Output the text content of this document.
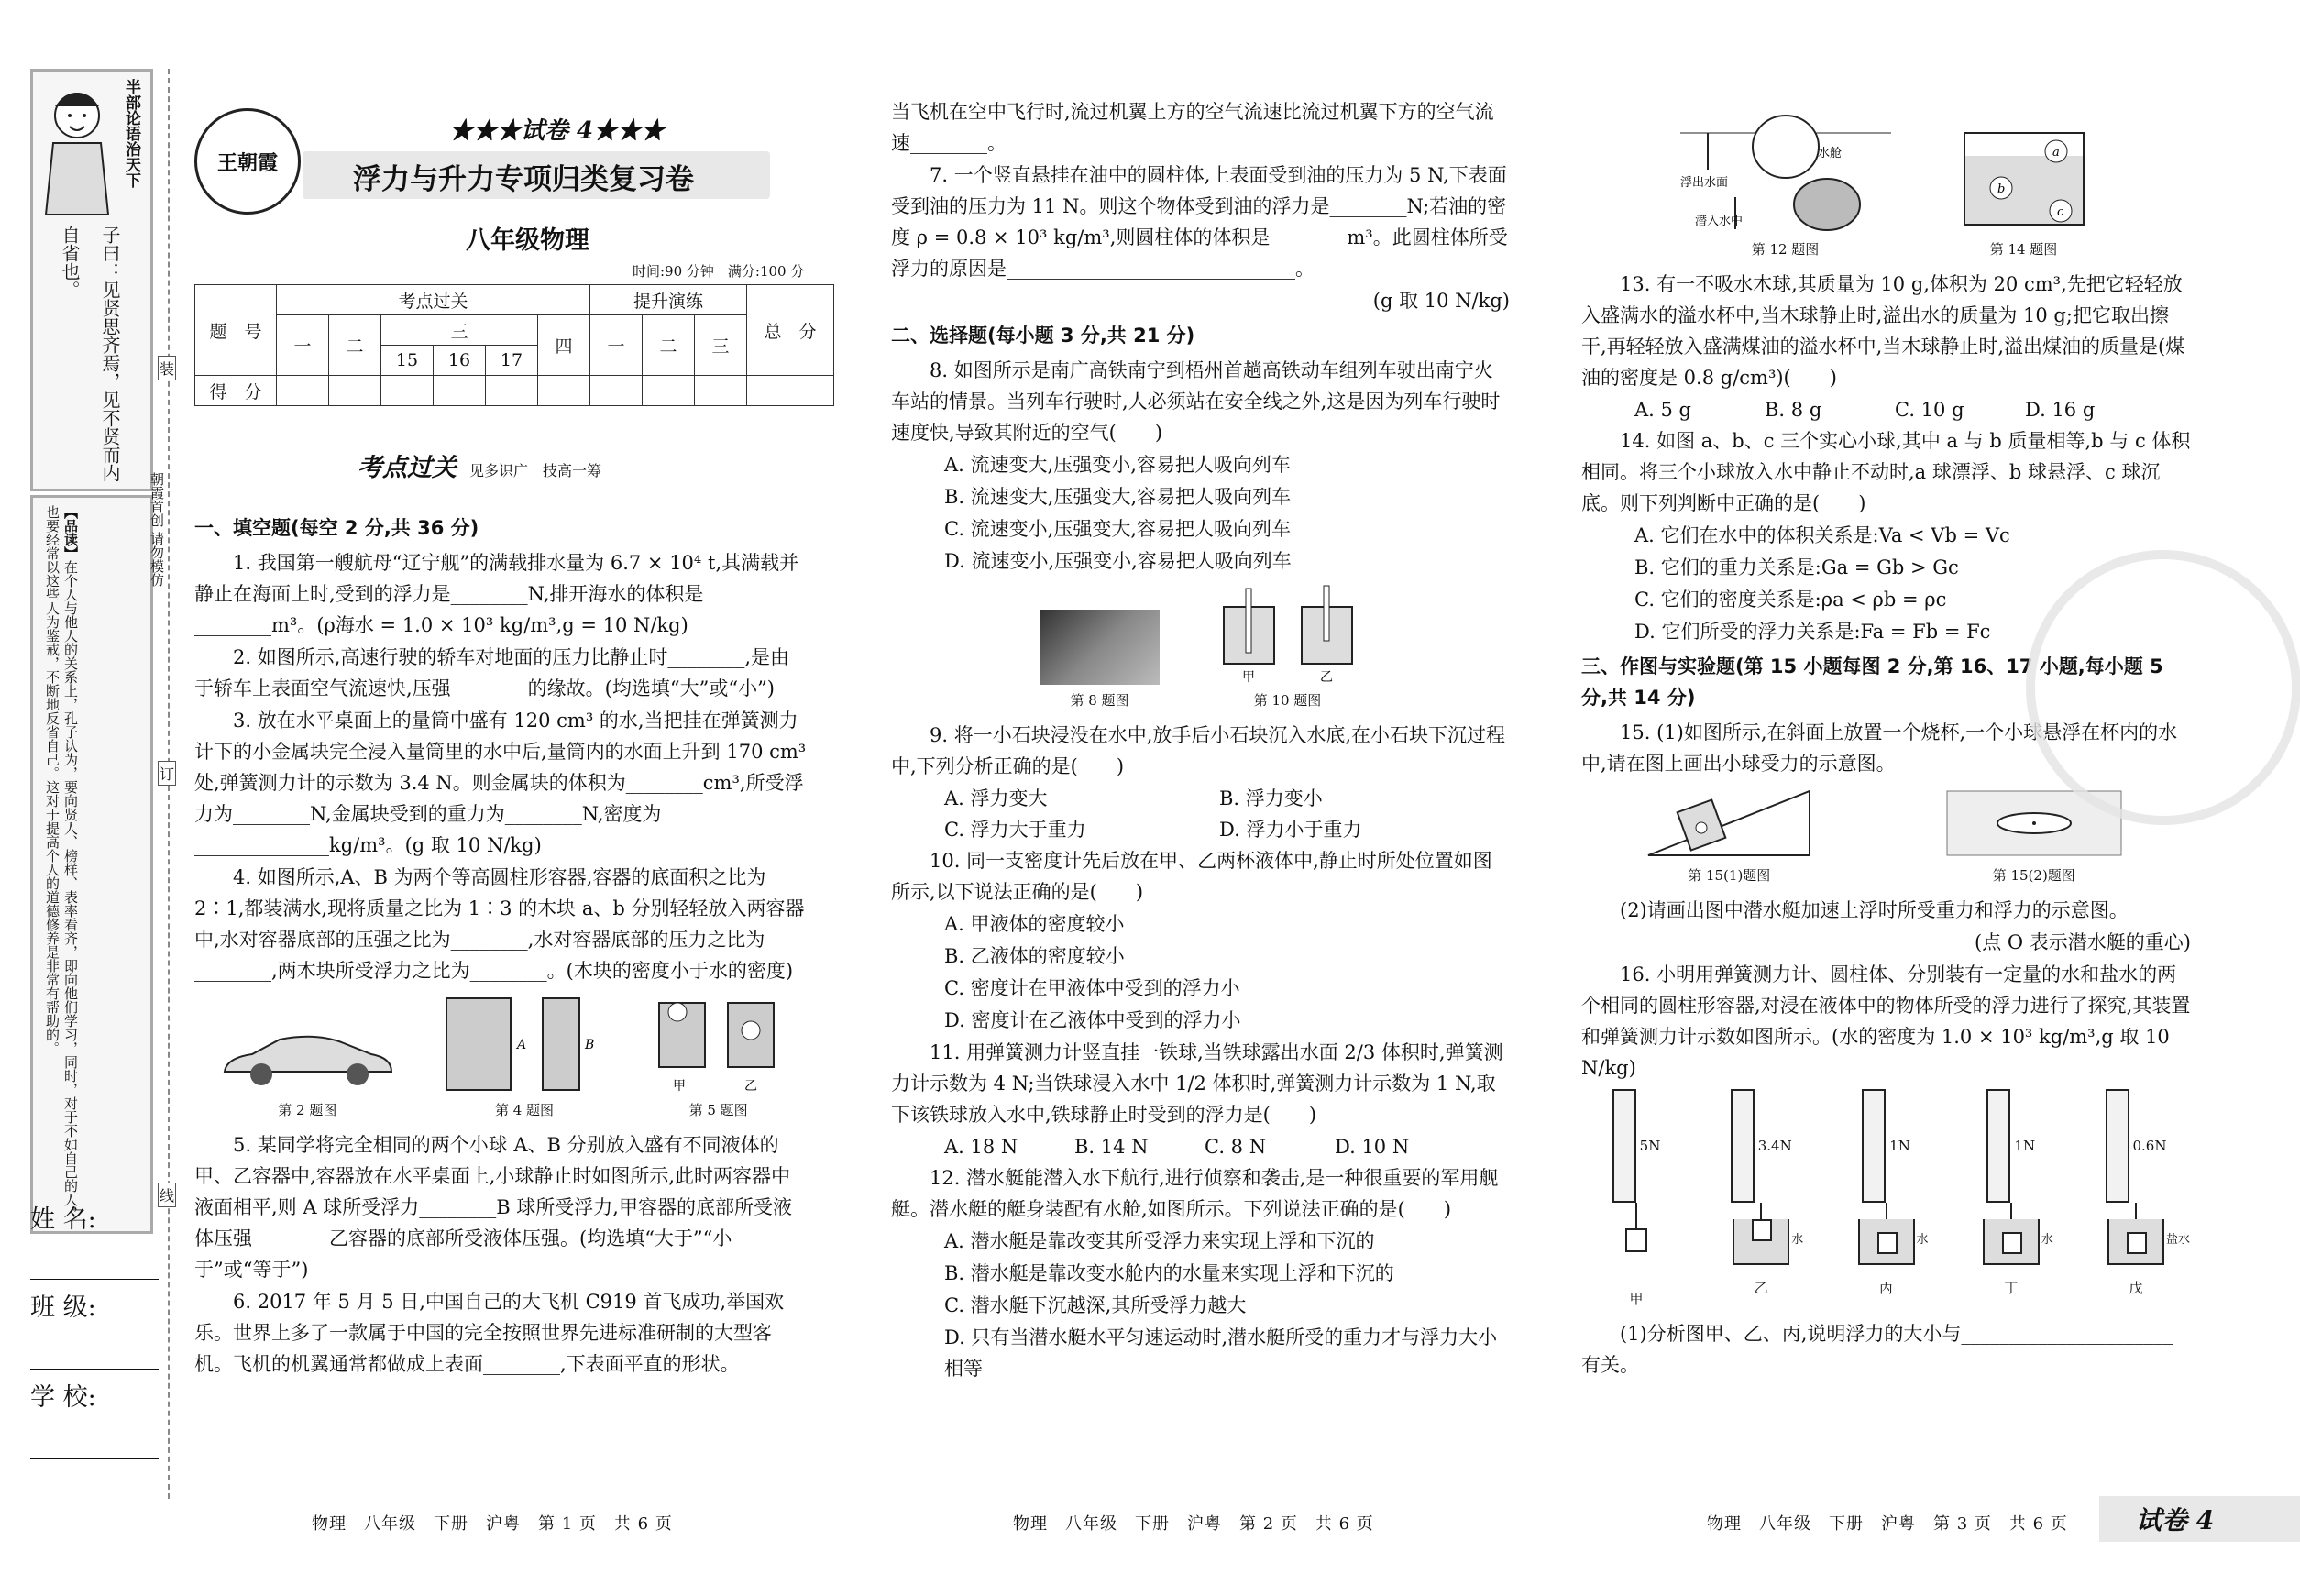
半部论语治天下
子曰：见贤思齐焉，见不贤而内自省也。
【品读】在个人与他人的关系上，孔子认为，要向贤人、榜样、表率看齐，即向他们学习，同时，对于不如自己的人，也要经常以这些人为鉴戒，不断地反省自己。这对于提高个人的道德修养是非常有帮助的。
装
订
线
朝霞首创 请勿模仿
姓 名:
班 级:
学 校:
王朝霞
★★★试卷 4★★★
浮力与升力专项归类复习卷
八年级物理
时间:90 分钟　满分:100 分
题　号	考点过关						提升演练			总　分
	一	二	三			四	一	二	三	
			15	16	17					
得　分										
考点过关 见多识广　技高一筹

一、填空题(每空 2 分,共 36 分)

1. 我国第一艘航母“辽宁舰”的满载排水量为 6.7 × 10⁴ t,其满载并静止在海面上时,受到的浮力是________N,排开海水的体积是________m³。(ρ海水 = 1.0 × 10³ kg/m³,g = 10 N/kg)

2. 如图所示,高速行驶的轿车对地面的压力比静止时________,是由于轿车上表面空气流速快,压强________的缘故。(均选填“大”或“小”)

3. 放在水平桌面上的量筒中盛有 120 cm³ 的水,当把挂在弹簧测力计下的小金属块完全浸入量筒里的水中后,量筒内的水面上升到 170 cm³ 处,弹簧测力计的示数为 3.4 N。则金属块的体积为________cm³,所受浮力为________N,金属块受到的重力为________N,密度为______________kg/m³。(g 取 10 N/kg)

4. 如图所示,A、B 为两个等高圆柱形容器,容器的底面积之比为 2∶1,都装满水,现将质量之比为 1∶3 的木块 a、b 分别轻轻放入两容器中,水对容器底部的压强之比为________,水对容器底部的压力之比为________,两木块所受浮力之比为________。(木块的密度小于水的密度)

第 2 题图
A	B
第 4 题图
甲	乙
第 5 题图

5. 某同学将完全相同的两个小球 A、B 分别放入盛有不同液体的甲、乙容器中,容器放在水平桌面上,小球静止时如图所示,此时两容器中液面相平,则 A 球所受浮力________B 球所受浮力,甲容器的底部所受液体压强________乙容器的底部所受液体压强。(均选填“大于”“小于”或“等于”)

6. 2017 年 5 月 5 日,中国自己的大飞机 C919 首飞成功,举国欢乐。世界上多了一款属于中国的完全按照世界先进标准研制的大型客机。飞机的机翼通常都做成上表面________,下表面平直的形状。

物理　八年级　下册　沪粤　第 1 页　共 6 页

当飞机在空中飞行时,流过机翼上方的空气流速比流过机翼下方的空气流速________。

7. 一个竖直悬挂在油中的圆柱体,上表面受到油的压力为 5 N,下表面受到油的压力为 11 N。则这个物体受到油的浮力是________N;若油的密度 ρ = 0.8 × 10³ kg/m³,则圆柱体的体积是________m³。此圆柱体所受浮力的原因是______________________________。

(g 取 10 N/kg)

二、选择题(每小题 3 分,共 21 分)

8. 如图所示是南广高铁南宁到梧州首趟高铁动车组列车驶出南宁火车站的情景。当列车行驶时,人必须站在安全线之外,这是因为列车行驶时速度快,导致其附近的空气(　　)

A. 流速变大,压强变小,容易把人吸向列车

B. 流速变大,压强变大,容易把人吸向列车

C. 流速变小,压强变大,容易把人吸向列车

D. 流速变小,压强变小,容易把人吸向列车

第 8 题图
甲	乙
第 10 题图

9. 将一小石块浸没在水中,放手后小石块沉入水底,在小石块下沉过程中,下列分析正确的是(　　)

A. 浮力变大	B. 浮力变小
C. 浮力大于重力	D. 浮力小于重力

10. 同一支密度计先后放在甲、乙两杯液体中,静止时所处位置如图所示,以下说法正确的是(　　)

A. 甲液体的密度较小

B. 乙液体的密度较小

C. 密度计在甲液体中受到的浮力小

D. 密度计在乙液体中受到的浮力小

11. 用弹簧测力计竖直挂一铁球,当铁球露出水面 2/3 体积时,弹簧测力计示数为 4 N;当铁球浸入水中 1/2 体积时,弹簧测力计示数为 1 N,取下该铁球放入水中,铁球静止时受到的浮力是(　　)

A. 18 N	B. 14 N	C. 8 N	D. 10 N

12. 潜水艇能潜入水下航行,进行侦察和袭击,是一种很重要的军用舰艇。潜水艇的艇身装配有水舱,如图所示。下列说法正确的是(　　)

A. 潜水艇是靠改变其所受浮力来实现上浮和下沉的

B. 潜水艇是靠改变水舱内的水量来实现上浮和下沉的

C. 潜水艇下沉越深,其所受浮力越大

D. 只有当潜水艇水平匀速运动时,潜水艇所受的重力才与浮力大小相等

物理　八年级　下册　沪粤　第 2 页　共 6 页
浮出水面
潜入水中
水舱
第 12 题图
a
b
c
第 14 题图

13. 有一不吸水木球,其质量为 10 g,体积为 20 cm³,先把它轻轻放入盛满水的溢水杯中,当木球静止时,溢出水的质量为 10 g;把它取出擦干,再轻轻放入盛满煤油的溢水杯中,当木球静止时,溢出煤油的质量是(煤油的密度是 0.8 g/cm³)(　　)

A. 5 g	B. 8 g	C. 10 g	D. 16 g

14. 如图 a、b、c 三个实心小球,其中 a 与 b 质量相等,b 与 c 体积相同。将三个小球放入水中静止不动时,a 球漂浮、b 球悬浮、c 球沉底。则下列判断中正确的是(　　)

A. 它们在水中的体积关系是:Va < Vb = Vc

B. 它们的重力关系是:Ga = Gb > Gc

C. 它们的密度关系是:ρa < ρb = ρc

D. 它们所受的浮力关系是:Fa = Fb = Fc

三、作图与实验题(第 15 小题每图 2 分,第 16、17 小题,每小题 5 分,共 14 分)

15. (1)如图所示,在斜面上放置一个烧杯,一个小球悬浮在杯内的水中,请在图上画出小球受力的示意图。

第 15(1)题图	第 15(2)题图

(2)请画出图中潜水艇加速上浮时所受重力和浮力的示意图。

(点 O 表示潜水艇的重心)

16. 小明用弹簧测力计、圆柱体、分别装有一定量的水和盐水的两个相同的圆柱形容器,对浸在液体中的物体所受的浮力进行了探究,其装置和弹簧测力计示数如图所示。(水的密度为 1.0 × 10³ kg/m³,g 取 10 N/kg)

5N
甲
3.4N
水
乙
1N
水
丙
1N
水
丁
0.6N
盐水
戊

(1)分析图甲、乙、丙,说明浮力的大小与______________________有关。

物理　八年级　下册　沪粤　第 3 页　共 6 页	试卷 4
